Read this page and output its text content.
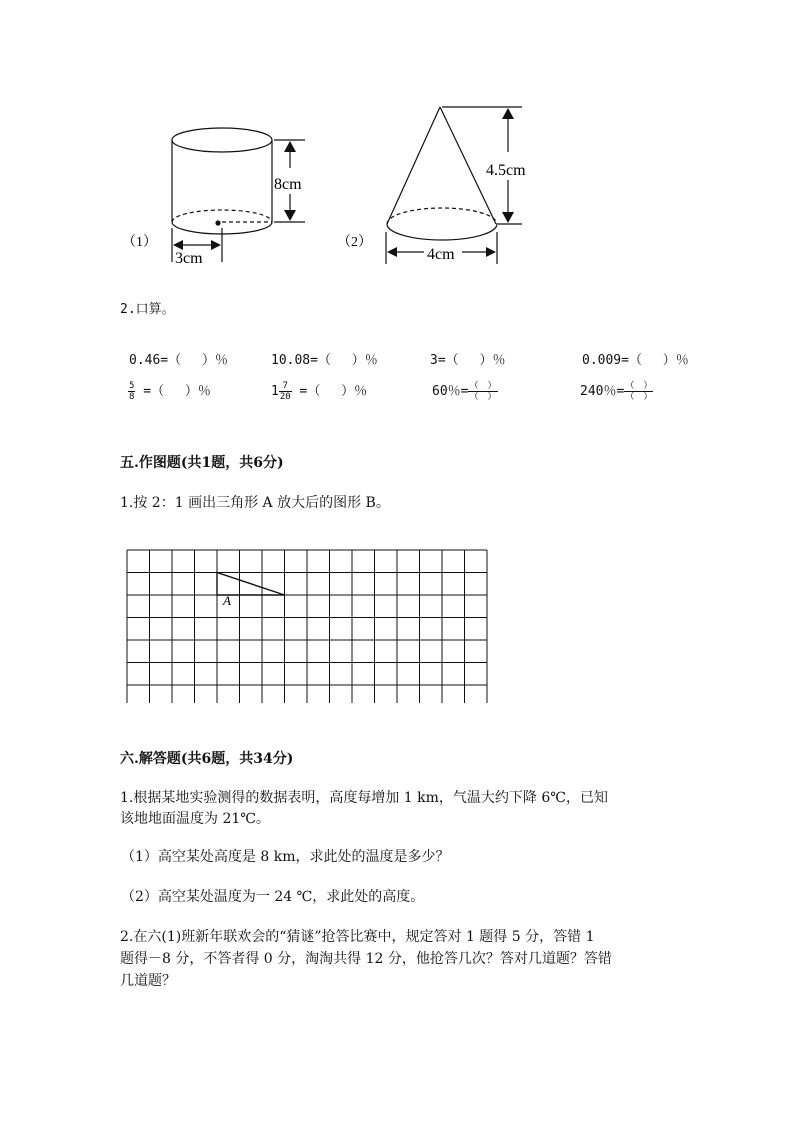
8cm
3cm
（1）
4.5cm
4cm
（2）
2.口算。
0.46=（　 ）％	10.08=（　 ）％	3=（　 ）％	0.009=（　 ）％
$\frac{5}{8}$ =（　 ）％	$1 \frac{7}{20}$ =（　 ）％	60％= $\frac{( )}{( )}$	240％= $\frac{( )}{( )}$
五.作图题(共1题，共6分)
1.按 2：1 画出三角形 A 放大后的图形 B。
A
六.解答题(共6题，共34分)
1.根据某地实验测得的数据表明，高度每增加 1 km，气温大约下降 6℃，已知
该地地面温度为 21℃。
（1）高空某处高度是 8 km，求此处的温度是多少？
（2）高空某处温度为一 24 ℃，求此处的高度。
2.在六(1)班新年联欢会的“猜谜”抢答比赛中，规定答对 1 题得 5 分，答错 1
题得－8 分，不答者得 0 分，淘淘共得 12 分，他抢答几次？答对几道题？答错
几道题？
